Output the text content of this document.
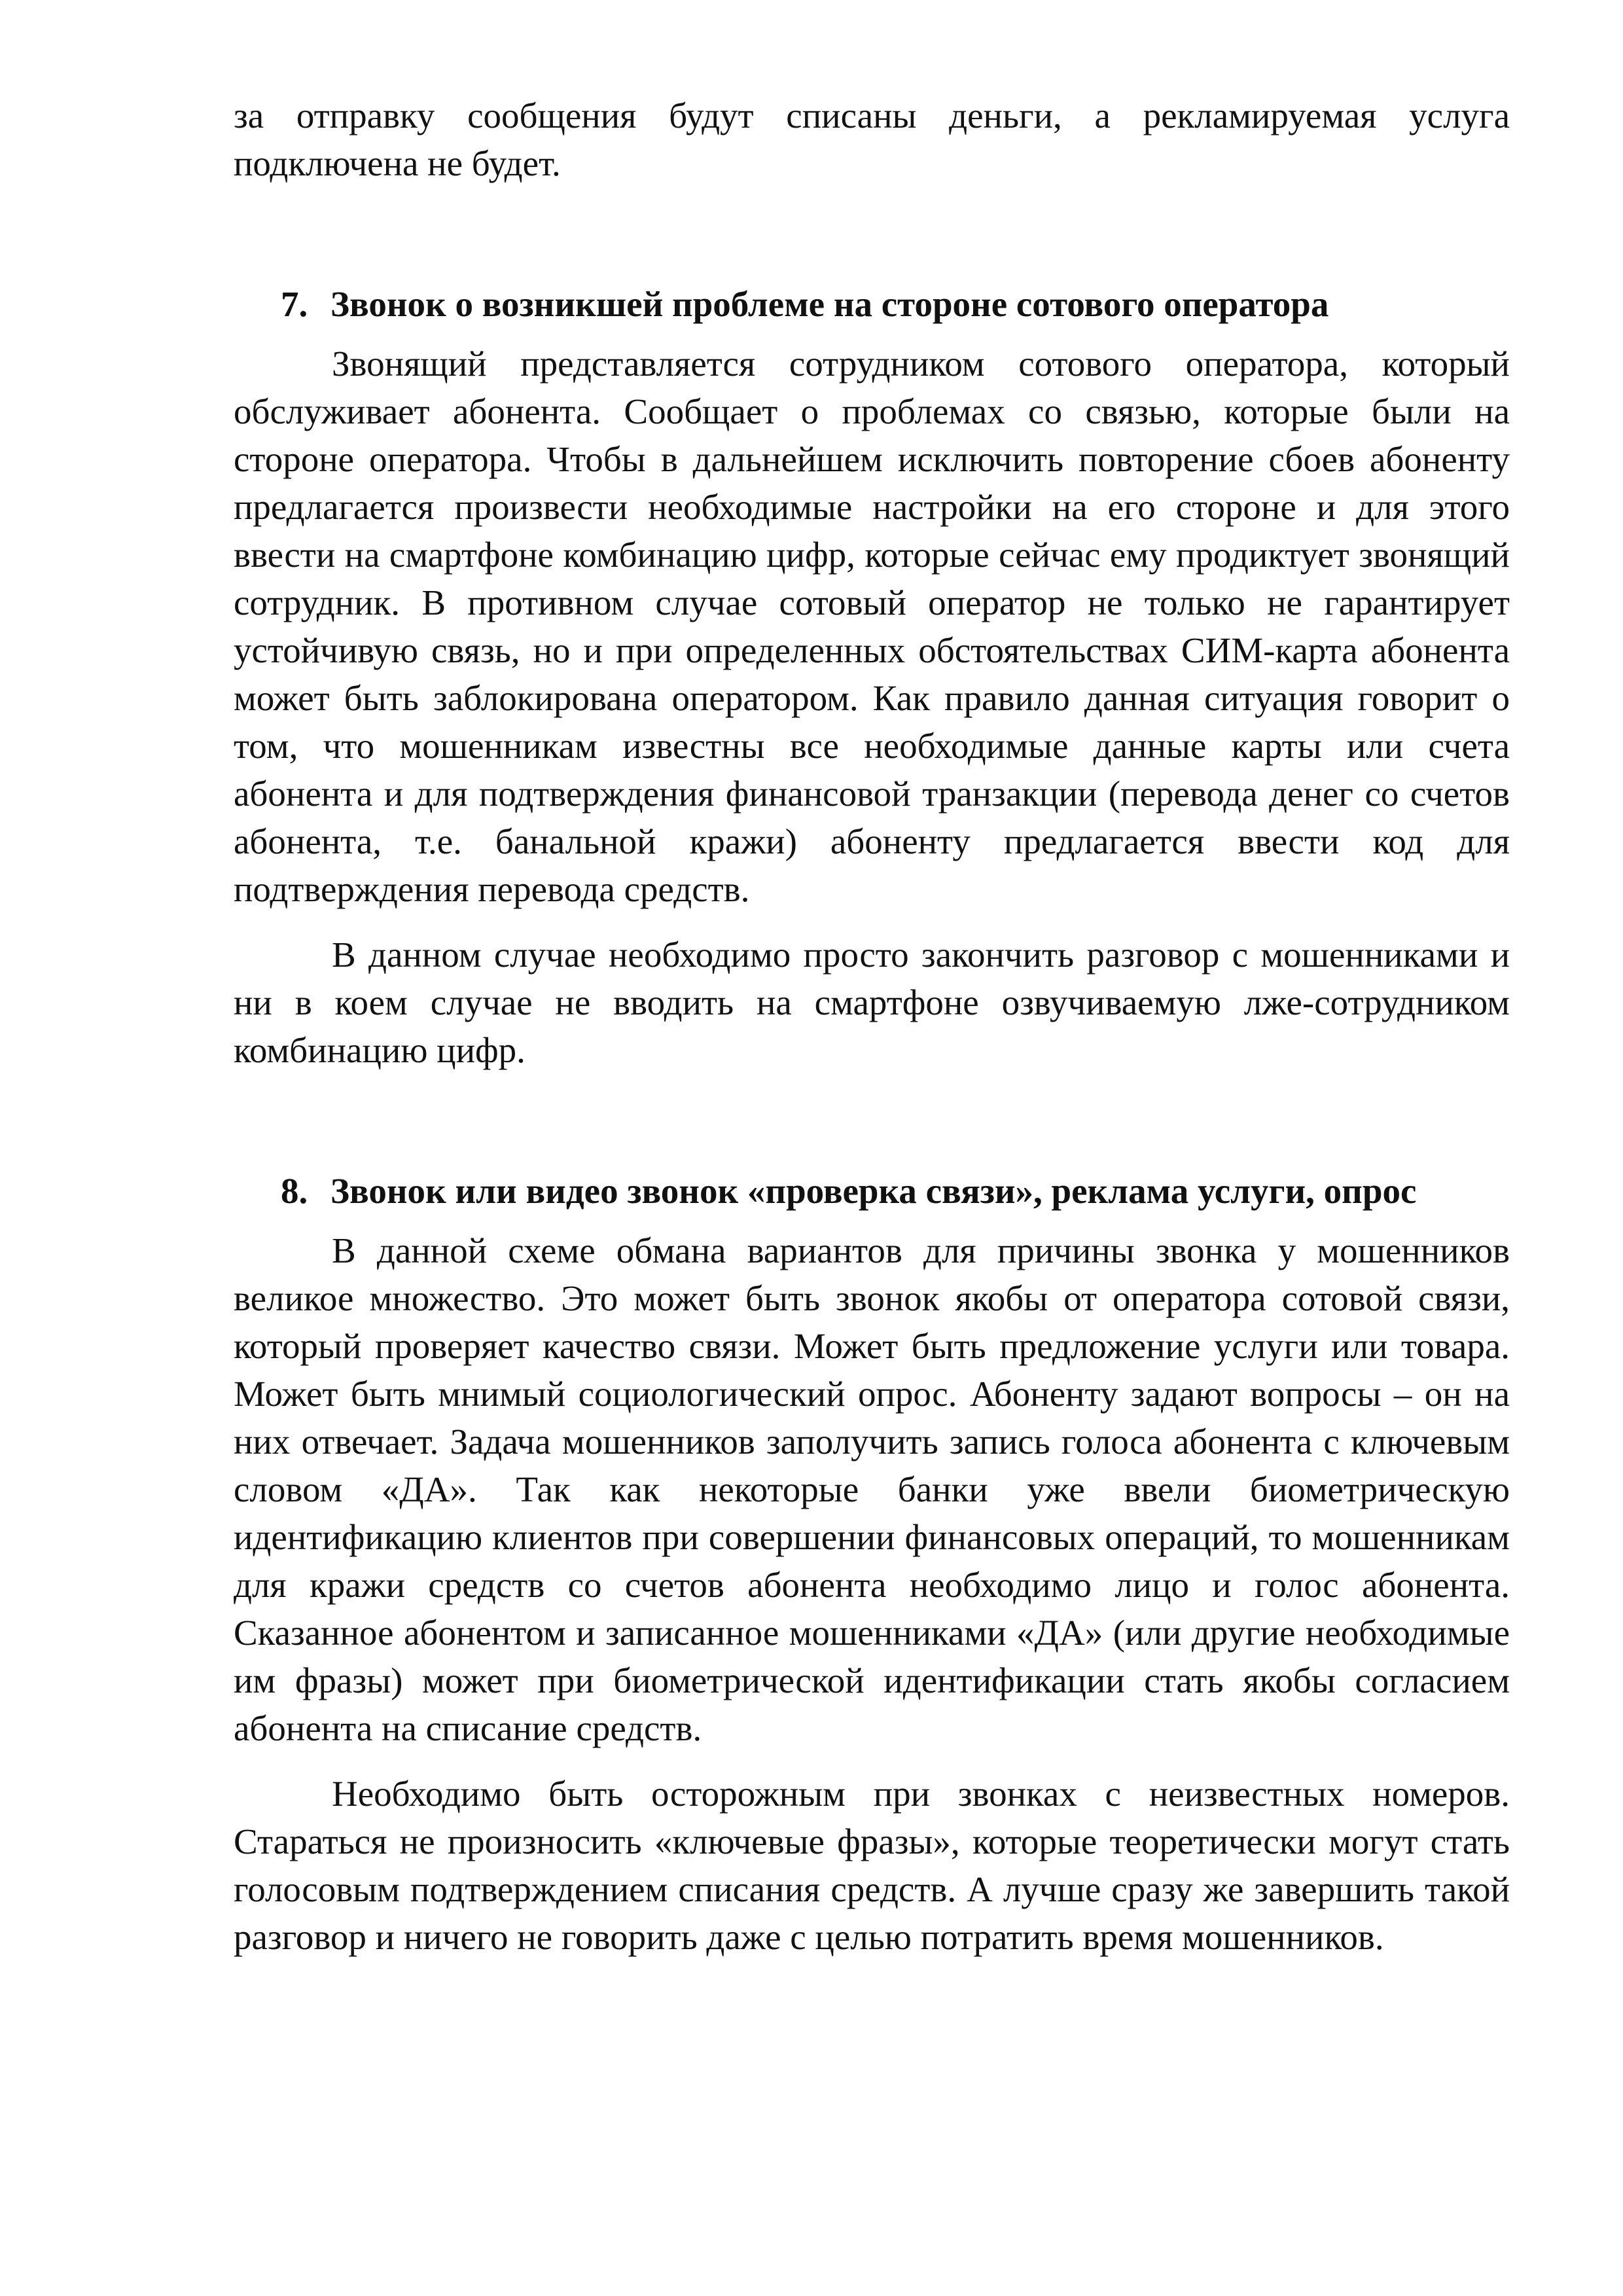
за отправку сообщения будут списаны деньги, а рекламируемая услуга подключена не будет.

7. Звонок о возникшей проблеме на стороне сотового оператора

Звонящий представляется сотрудником сотового оператора, который обслуживает абонента. Сообщает о проблемах со связью, которые были на стороне оператора. Чтобы в дальнейшем исключить повторение сбоев абоненту предлагается произвести необходимые настройки на его стороне и для этого ввести на смартфоне комбинацию цифр, которые сейчас ему продиктует звонящий сотрудник. В противном случае сотовый оператор не только не гарантирует устойчивую связь, но и при определенных обстоятельствах СИМ-карта абонента может быть заблокирована оператором. Как правило данная ситуация говорит о том, что мошенникам известны все необходимые данные карты или счета абонента и для подтверждения финансовой транзакции (перевода денег со счетов абонента, т.е. банальной кражи) абоненту предлагается ввести код для подтверждения перевода средств.

В данном случае необходимо просто закончить разговор с мошенниками и ни в коем случае не вводить на смартфоне озвучиваемую лже-сотрудником комбинацию цифр.

8. Звонок или видео звонок «проверка связи», реклама услуги, опрос

В данной схеме обмана вариантов для причины звонка у мошенников великое множество. Это может быть звонок якобы от оператора сотовой связи, который проверяет качество связи. Может быть предложение услуги или товара. Может быть мнимый социологический опрос. Абоненту задают вопросы – он на них отвечает. Задача мошенников заполучить запись голоса абонента с ключевым словом «ДА». Так как некоторые банки уже ввели биометрическую идентификацию клиентов при совершении финансовых операций, то мошенникам для кражи средств со счетов абонента необходимо лицо и голос абонента. Сказанное абонентом и записанное мошенниками «ДА» (или другие необходимые им фразы) может при биометрической идентификации стать якобы согласием абонента на списание средств.

Необходимо быть осторожным при звонках с неизвестных номеров. Стараться не произносить «ключевые фразы», которые теоретически могут стать голосовым подтверждением списания средств. А лучше сразу же завершить такой разговор и ничего не говорить даже с целью потратить время мошенников.
